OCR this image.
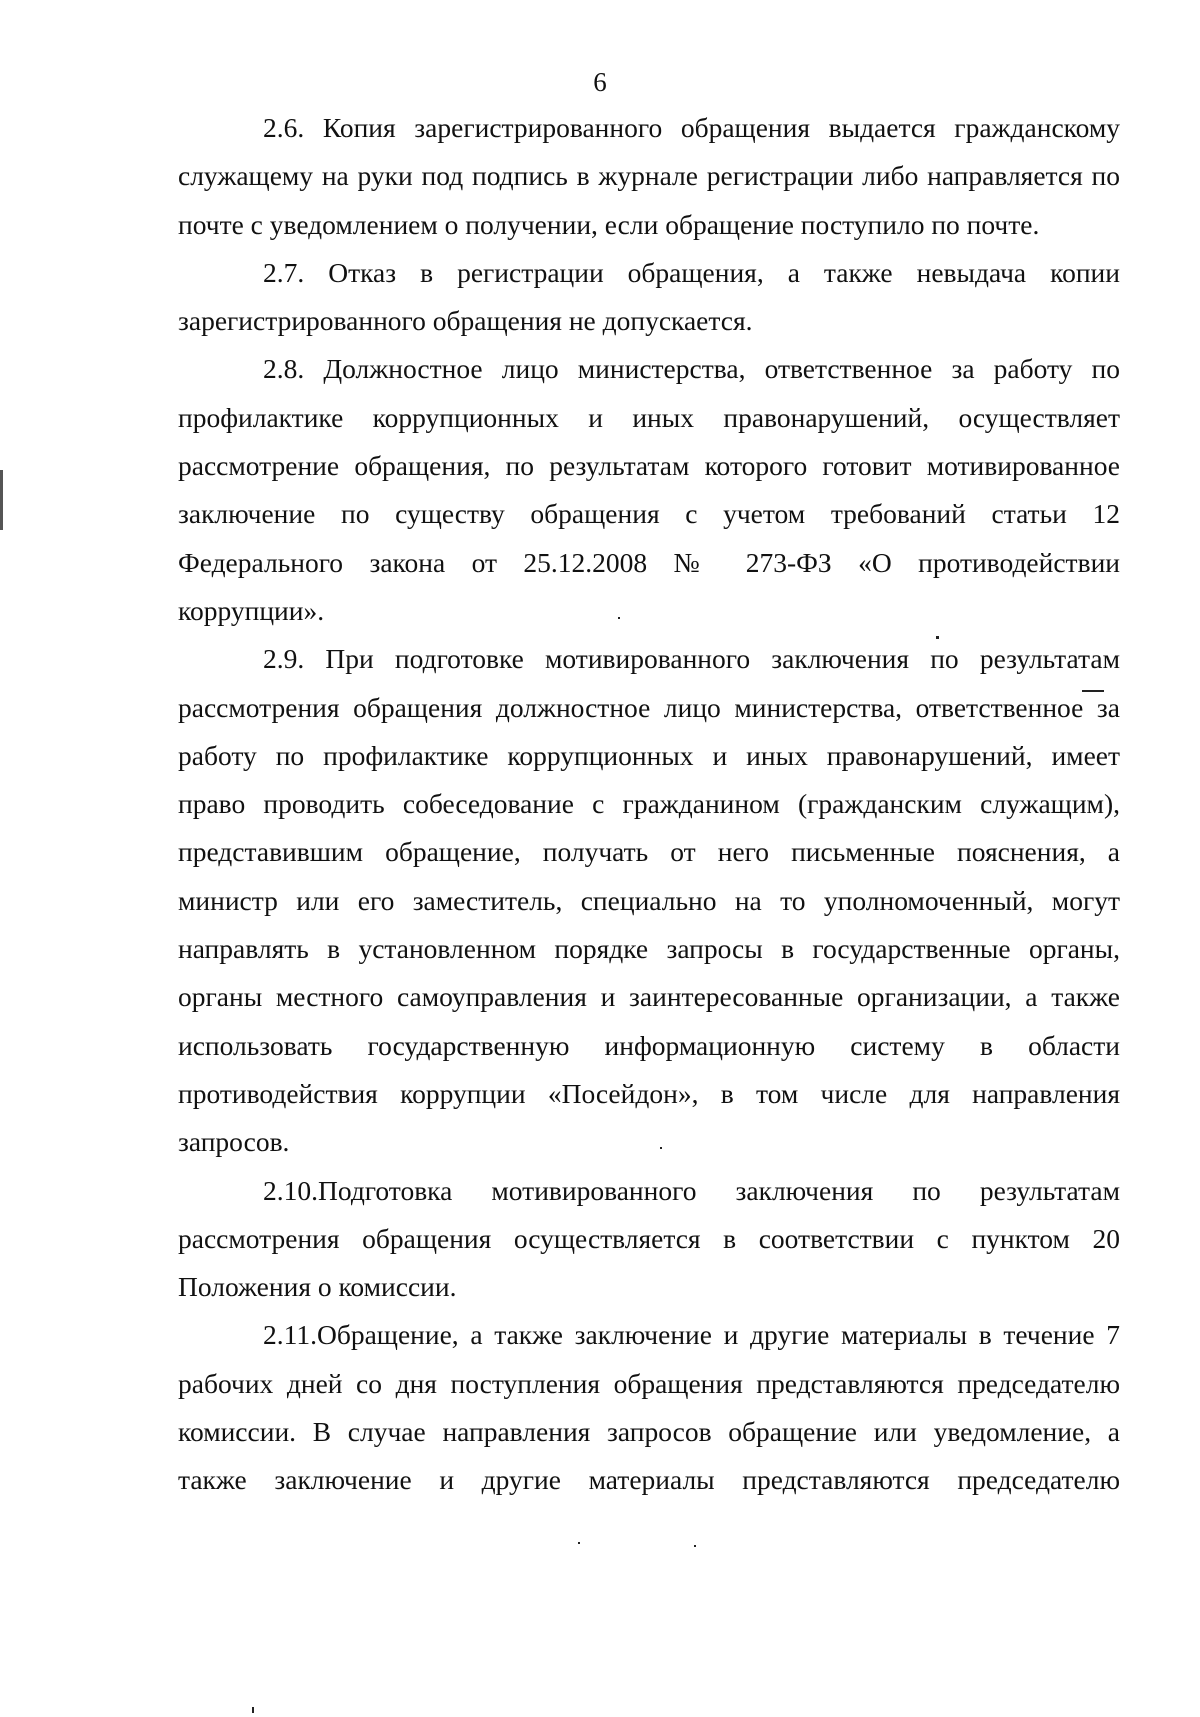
6
2.6. Копия зарегистрированного обращения выдается гражданскому
служащему на руки под подпись в журнале регистрации либо направляется по
почте с уведомлением о получении, если обращение поступило по почте.
2.7. Отказ в регистрации обращения, а также невыдача копии
зарегистрированного обращения не допускается.
2.8. Должностное лицо министерства, ответственное за работу по
профилактике коррупционных и иных правонарушений, осуществляет
рассмотрение обращения, по результатам которого готовит мотивированное
заключение по существу обращения с учетом требований статьи 12
Федерального закона от 25.12.2008 № 273-ФЗ «О противодействии
коррупции».
2.9. При подготовке мотивированного заключения по результатам
рассмотрения обращения должностное лицо министерства, ответственное за
работу по профилактике коррупционных и иных правонарушений, имеет
право проводить собеседование с гражданином (гражданским служащим),
представившим обращение, получать от него письменные пояснения, а
министр или его заместитель, специально на то уполномоченный, могут
направлять в установленном порядке запросы в государственные органы,
органы местного самоуправления и заинтересованные организации, а также
использовать государственную информационную систему в области
противодействия коррупции «Посейдон», в том числе для направления
запросов.
2.10.Подготовка мотивированного заключения по результатам
рассмотрения обращения осуществляется в соответствии с пунктом 20
Положения о комиссии.
2.11.Обращение, а также заключение и другие материалы в течение 7
рабочих дней со дня поступления обращения представляются председателю
комиссии. В случае направления запросов обращение или уведомление, а
также заключение и другие материалы представляются председателю
